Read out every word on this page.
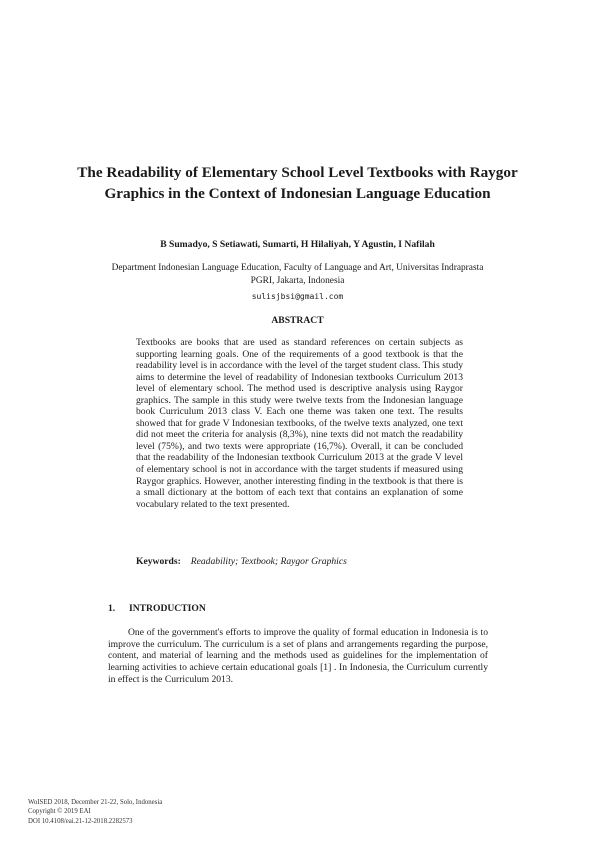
The Readability of Elementary School Level Textbooks with Raygor Graphics in the Context of Indonesian Language Education

B Sumadyo, S Setiawati, Sumarti, H Hilaliyah, Y Agustin, I Nafilah

Department Indonesian Language Education, Faculty of Language and Art, Universitas Indraprasta PGRI, Jakarta, Indonesia

sulisjbsi@gmail.com

ABSTRACT

Textbooks are books that are used as standard references on certain subjects as supporting learning goals. One of the requirements of a good textbook is that the readability level is in accordance with the level of the target student class. This study aims to determine the level of readability of Indonesian textbooks Curriculum 2013 level of elementary school. The method used is descriptive analysis using Raygor graphics. The sample in this study were twelve texts from the Indonesian language book Curriculum 2013 class V. Each one theme was taken one text. The results showed that for grade V Indonesian textbooks, of the twelve texts analyzed, one text did not meet the criteria for analysis (8,3%), nine texts did not match the readability level (75%), and two texts were appropriate (16,7%). Overall, it can be concluded that the readability of the Indonesian textbook Curriculum 2013 at the grade V level of elementary school is not in accordance with the target students if measured using Raygor graphics. However, another interesting finding in the textbook is that there is a small dictionary at the bottom of each text that contains an explanation of some vocabulary related to the text presented.

Keywords: Readability; Textbook; Raygor Graphics

1. INTRODUCTION

One of the government's efforts to improve the quality of formal education in Indonesia is to improve the curriculum. The curriculum is a set of plans and arrangements regarding the purpose, content, and material of learning and the methods used as guidelines for the implementation of learning activities to achieve certain educational goals [1] . In Indonesia, the Curriculum currently in effect is the Curriculum 2013.

WoISED 2018, December 21-22, Solo, Indonesia
Copyright © 2019 EAI
DOI 10.4108/eai.21-12-2018.2282573
